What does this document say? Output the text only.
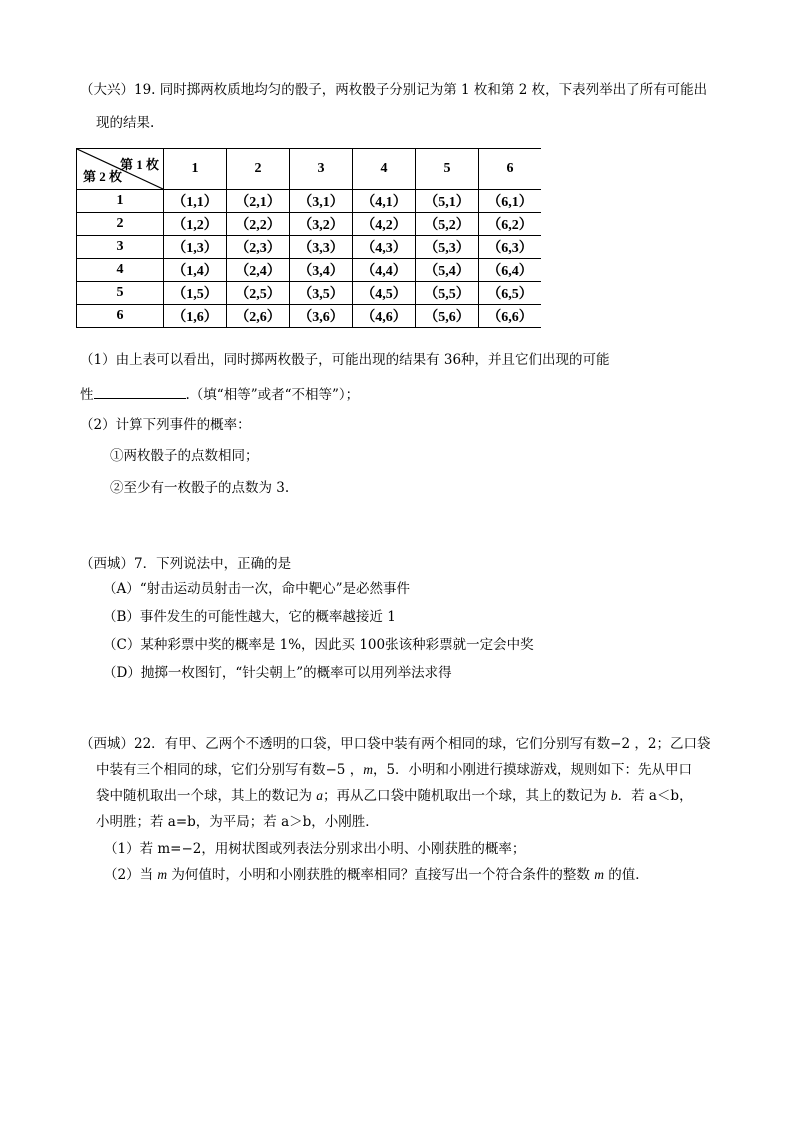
（大兴）19. 同时掷两枚质地均匀的骰子，两枚骰子分别记为第 1 枚和第 2 枚，下表列举出了所有可能出
现的结果.
第 1 枚
第 2 枚	1	2	3	4	5	6
1	（1,1）	（2,1）	（3,1）	（4,1）	（5,1）	（6,1）
2	（1,2）	（2,2）	（3,2）	（4,2）	（5,2）	（6,2）
3	（1,3）	（2,3）	（3,3）	（4,3）	（5,3）	（6,3）
4	（1,4）	（2,4）	（3,4）	（4,4）	（5,4）	（6,4）
5	（1,5）	（2,5）	（3,5）	（4,5）	（5,5）	（6,5）
6	（1,6）	（2,6）	（3,6）	（4,6）	（5,6）	（6,6）
（1）由上表可以看出，同时掷两枚骰子，可能出现的结果有 36种，并且它们出现的可能
性	.（填“相等”或者“不相等”）；
（2）计算下列事件的概率：
①两枚骰子的点数相同；
②至少有一枚骰子的点数为 3.
（西城）7．下列说法中，正确的是
（A）“射击运动员射击一次，命中靶心”是必然事件
（B）事件发生的可能性越大，它的概率越接近 1
（C）某种彩票中奖的概率是 1%，因此买 100张该种彩票就一定会中奖
（D）抛掷一枚图钉，“针尖朝上”的概率可以用列举法求得
（西城）22．有甲、乙两个不透明的口袋，甲口袋中装有两个相同的球，它们分别写有数−2 ，2；乙口袋
中装有三个相同的球，它们分别写有数−5 ，m，5．小明和小刚进行摸球游戏，规则如下：先从甲口
袋中随机取出一个球，其上的数记为 a；再从乙口袋中随机取出一个球，其上的数记为 b．若 a＜b，
小明胜；若 a=b，为平局；若 a＞b，小刚胜．
（1）若 m=−2，用树状图或列表法分别求出小明、小刚获胜的概率；
（2）当 m 为何值时，小明和小刚获胜的概率相同？直接写出一个符合条件的整数 m 的值．
